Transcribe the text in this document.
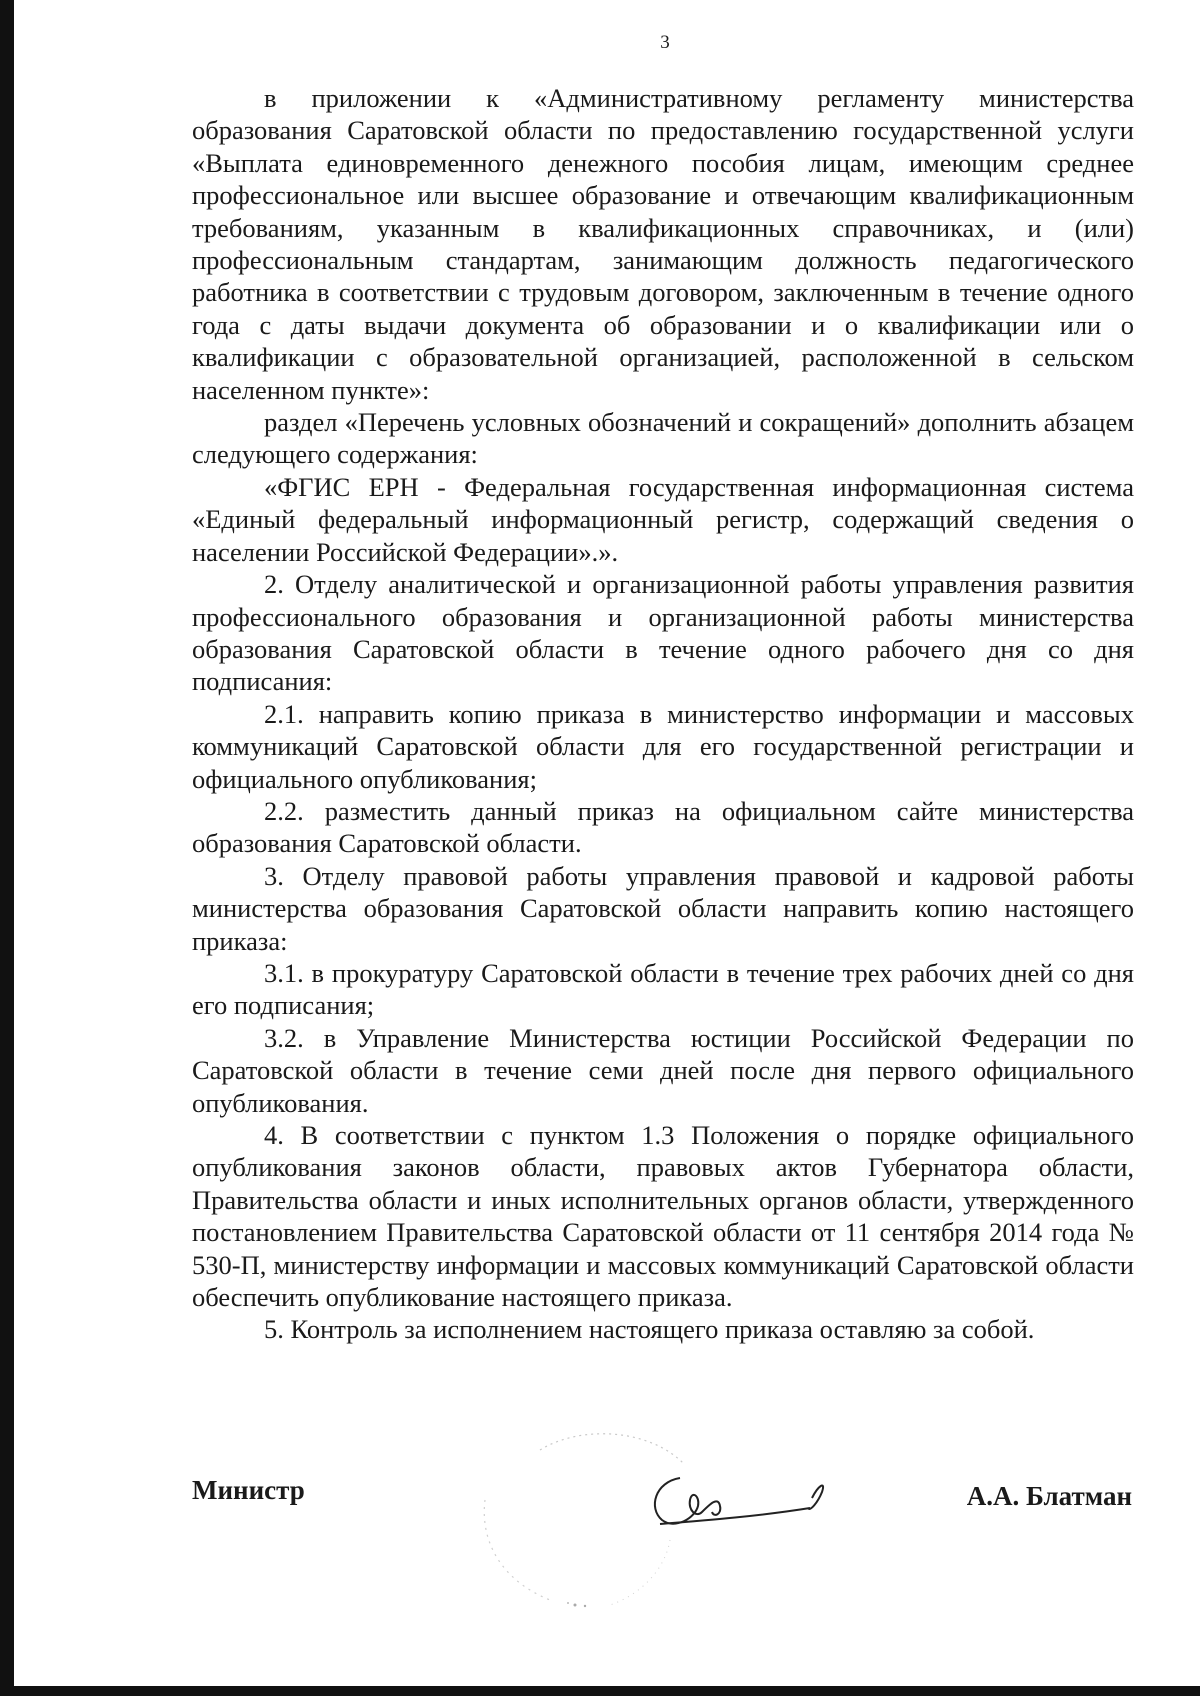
3

в приложении к «Административному регламенту министерства образования Саратовской области по предоставлению государственной услуги «Выплата единовременного денежного пособия лицам, имеющим среднее профессиональное или высшее образование и отвечающим квалификационным требованиям, указанным в квалификационных справочниках, и (или) профессиональным стандартам, занимающим должность педагогического работника в соответствии с трудовым договором, заключенным в течение одного года с даты выдачи документа об образовании и о квалификации или о квалификации с образовательной организацией, расположенной в сельском населенном пункте»:

раздел «Перечень условных обозначений и сокращений» дополнить абзацем следующего содержания:

«ФГИС ЕРН - Федеральная государственная информационная система «Единый федеральный информационный регистр, содержащий сведения о населении Российской Федерации».».

2. Отделу аналитической и организационной работы управления развития профессионального образования и организационной работы министерства образования Саратовской области в течение одного рабочего дня со дня подписания:

2.1. направить копию приказа в министерство информации и массовых коммуникаций Саратовской области для его государственной регистрации и официального опубликования;

2.2. разместить данный приказ на официальном сайте министерства образования Саратовской области.

3. Отделу правовой работы управления правовой и кадровой работы министерства образования Саратовской области направить копию настоящего приказа:

3.1. в прокуратуру Саратовской области в течение трех рабочих дней со дня его подписания;

3.2. в Управление Министерства юстиции Российской Федерации по Саратовской области в течение семи дней после дня первого официального опубликования.

4. В соответствии с пунктом 1.3 Положения о порядке официального опубликования законов области, правовых актов Губернатора области, Правительства области и иных исполнительных органов области, утвержденного постановлением Правительства Саратовской области от 11 сентября 2014 года № 530-П, министерству информации и массовых коммуникаций Саратовской области обеспечить опубликование настоящего приказа.

5. Контроль за исполнением настоящего приказа оставляю за собой.

Министр	А.А. Блатман
